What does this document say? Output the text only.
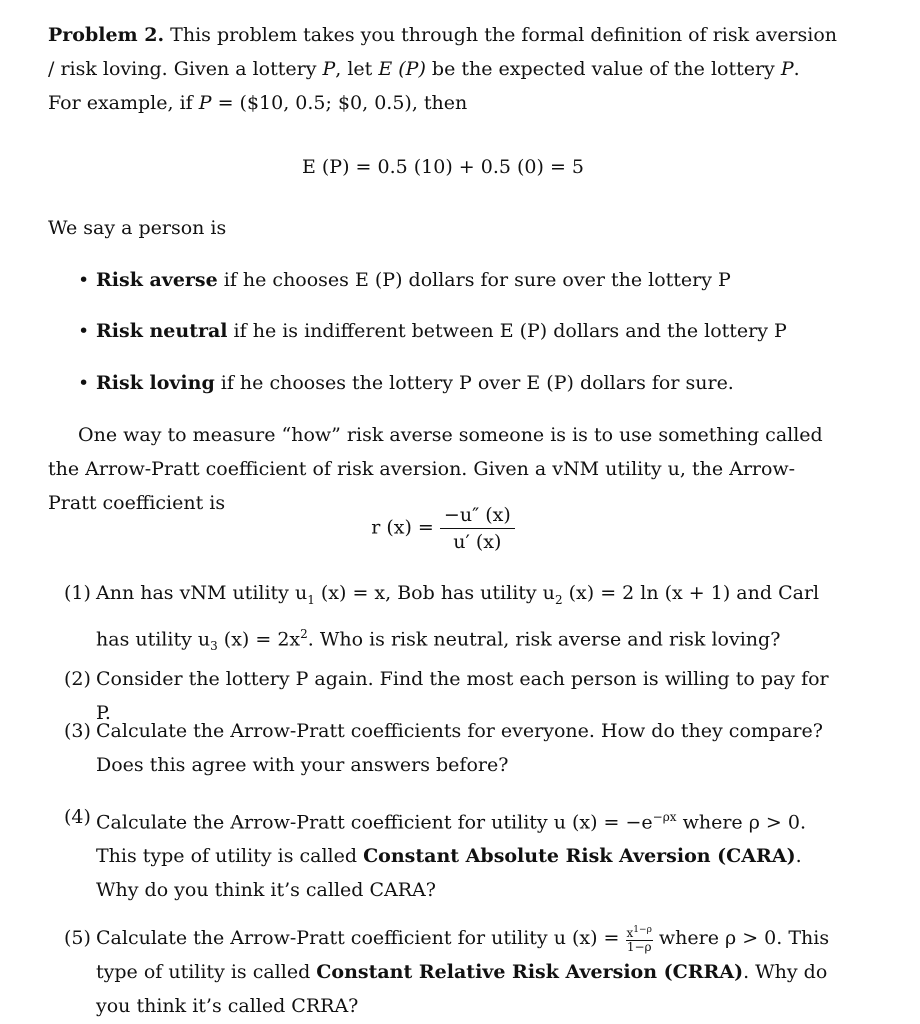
Problem 2. This problem takes you through the formal definition of risk aversion / risk loving. Given a lottery P, let E (P) be the expected value of the lottery P. For example, if P = ($10, 0.5; $0, 0.5), then
E (P) = 0.5 (10) + 0.5 (0) = 5
We say a person is
• Risk averse if he chooses E (P) dollars for sure over the lottery P
• Risk neutral if he is indifferent between E (P) dollars and the lottery P
• Risk loving if he chooses the lottery P over E (P) dollars for sure.
One way to measure “how” risk averse someone is is to use something called the Arrow-Pratt coefficient of risk aversion. Given a vNM utility u, the Arrow-Pratt coefficient is
r $(x) = \frac{-u'' (x)}{u' (x)}$
(1) Ann has vNM utility $u_1$ (x) = x, Bob has utility $u_2$ (x) = 2 ln (x + 1) and Carl has utility $u_3$ $(x) = 2x^2$. Who is risk neutral, risk averse and risk loving?
(2) Consider the lottery P again. Find the most each person is willing to pay for P.
(3) Calculate the Arrow-Pratt coefficients for everyone. How do they compare? Does this agree with your answers before?
(4) Calculate the Arrow-Pratt coefficient for utility u $(x) = -e^{-\rho x}$ where ρ > 0. This type of utility is called Constant Absolute Risk Aversion (CARA). Why do you think it’s called CARA?
(5) Calculate the Arrow-Pratt coefficient for utility u $(x) = \frac{x^{1-\rho}}{1-\rho}$ where ρ > 0. This type of utility is called Constant Relative Risk Aversion (CRRA). Why do you think it’s called CRRA?
